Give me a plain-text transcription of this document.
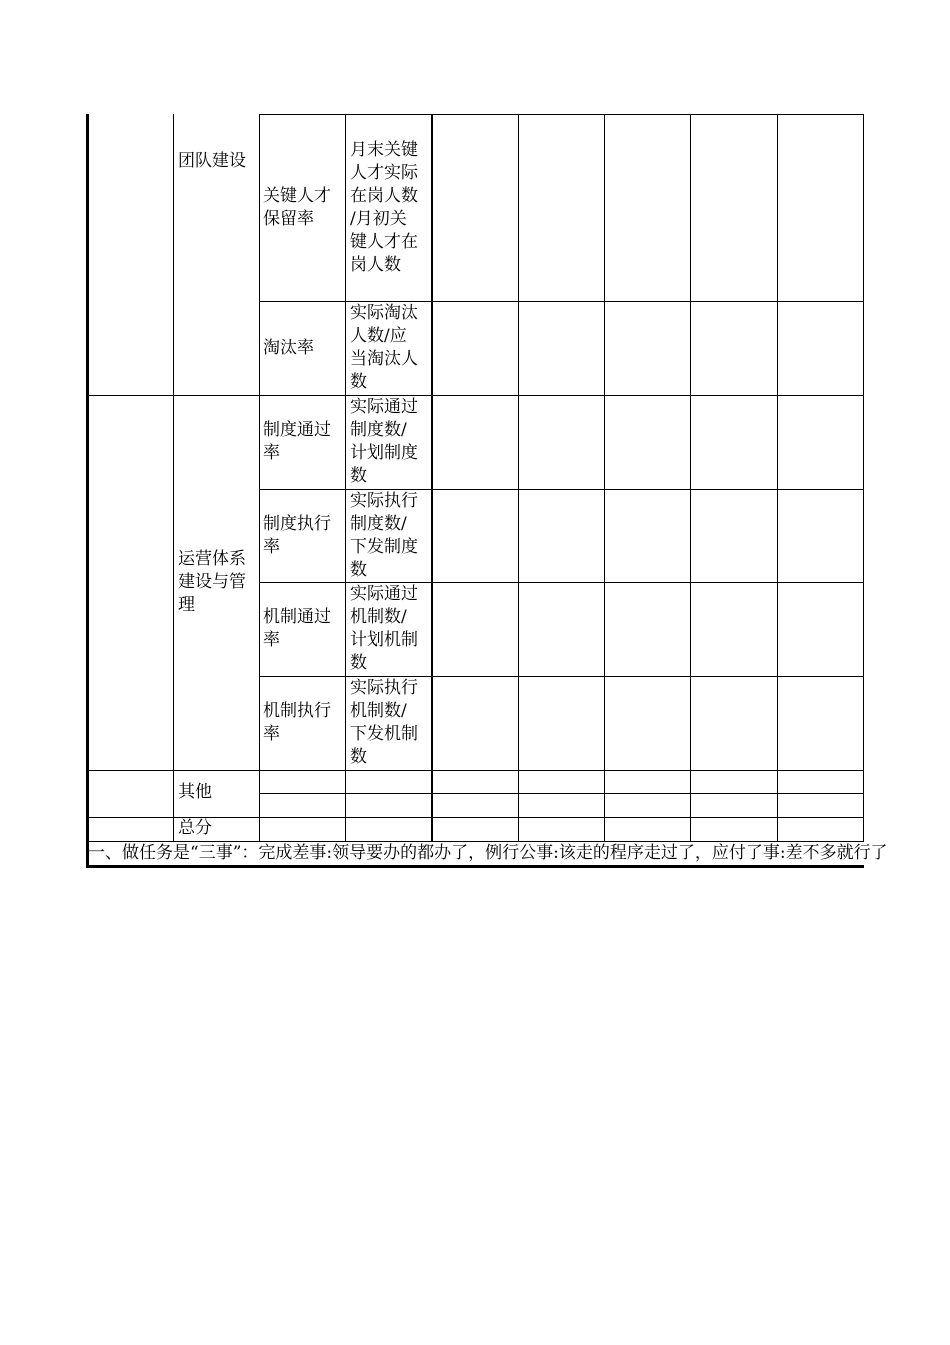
团队建设
关键人才
保留率
月末关键
人才实际
在岗人数
/月初关
键人才在
岗人数
淘汰率
实际淘汰
人数/应
当淘汰人
数
运营体系
建设与管
理
制度通过
率
实际通过
制度数/
计划制度
数
制度执行
率
实际执行
制度数/
下发制度
数
机制通过
率
实际通过
机制数/
计划机制
数
机制执行
率
实际执行
机制数/
下发机制
数
其他
总分
一、做任务是“三事”：完成差事:领导要办的都办了，例行公事:该走的程序走过了，应付了事:差不多就行了
